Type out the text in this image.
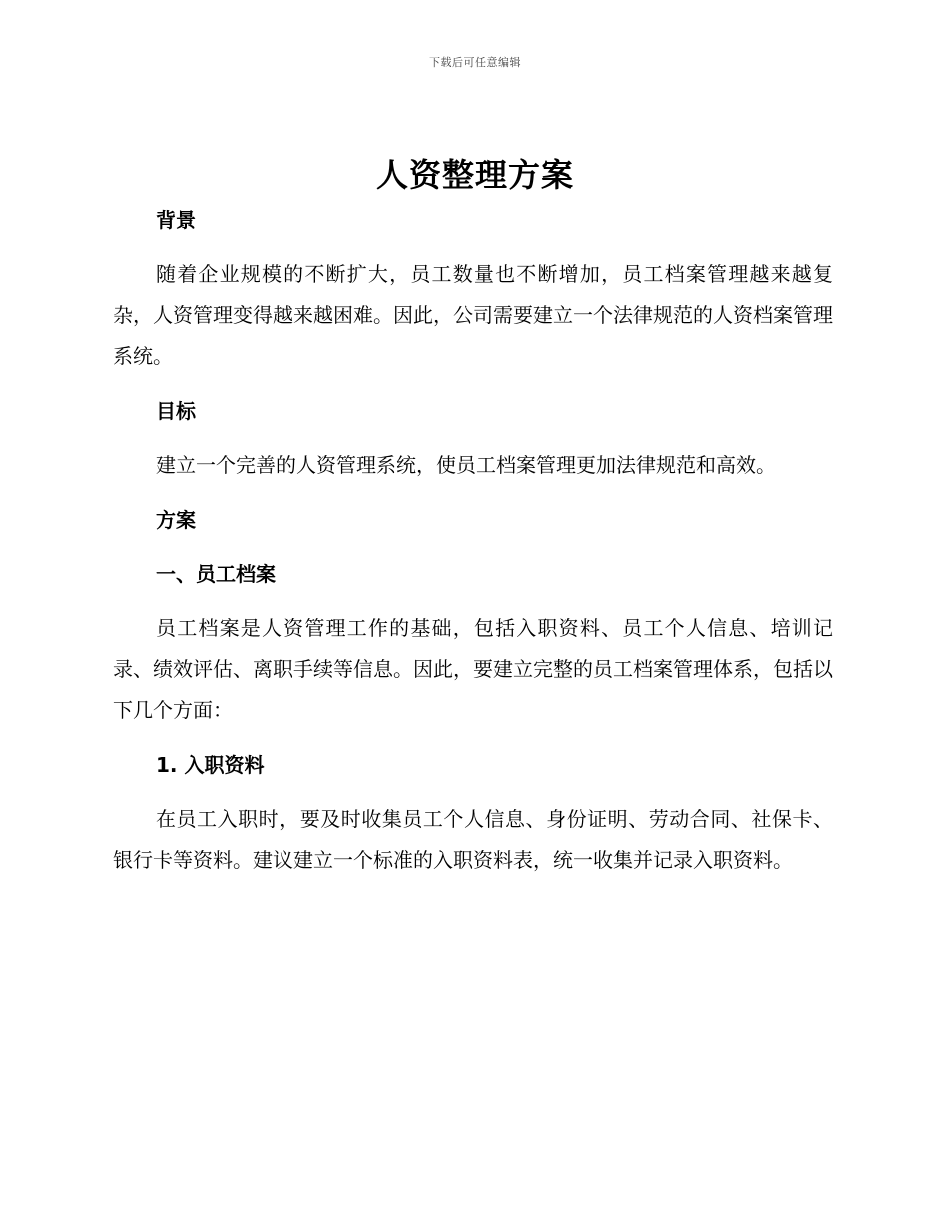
下载后可任意编辑
人资整理方案

背景

随着企业规模的不断扩大，员工数量也不断增加，员工档案管理越来越复杂，人资管理变得越来越困难。因此，公司需要建立一个法律规范的人资档案管理系统。

目标

建立一个完善的人资管理系统，使员工档案管理更加法律规范和高效。

方案

一、员工档案

员工档案是人资管理工作的基础，包括入职资料、员工个人信息、培训记录、绩效评估、离职手续等信息。因此，要建立完整的员工档案管理体系，包括以下几个方面：

1. 入职资料

在员工入职时，要及时收集员工个人信息、身份证明、劳动合同、社保卡、银行卡等资料。建议建立一个标准的入职资料表，统一收集并记录入职资料。
